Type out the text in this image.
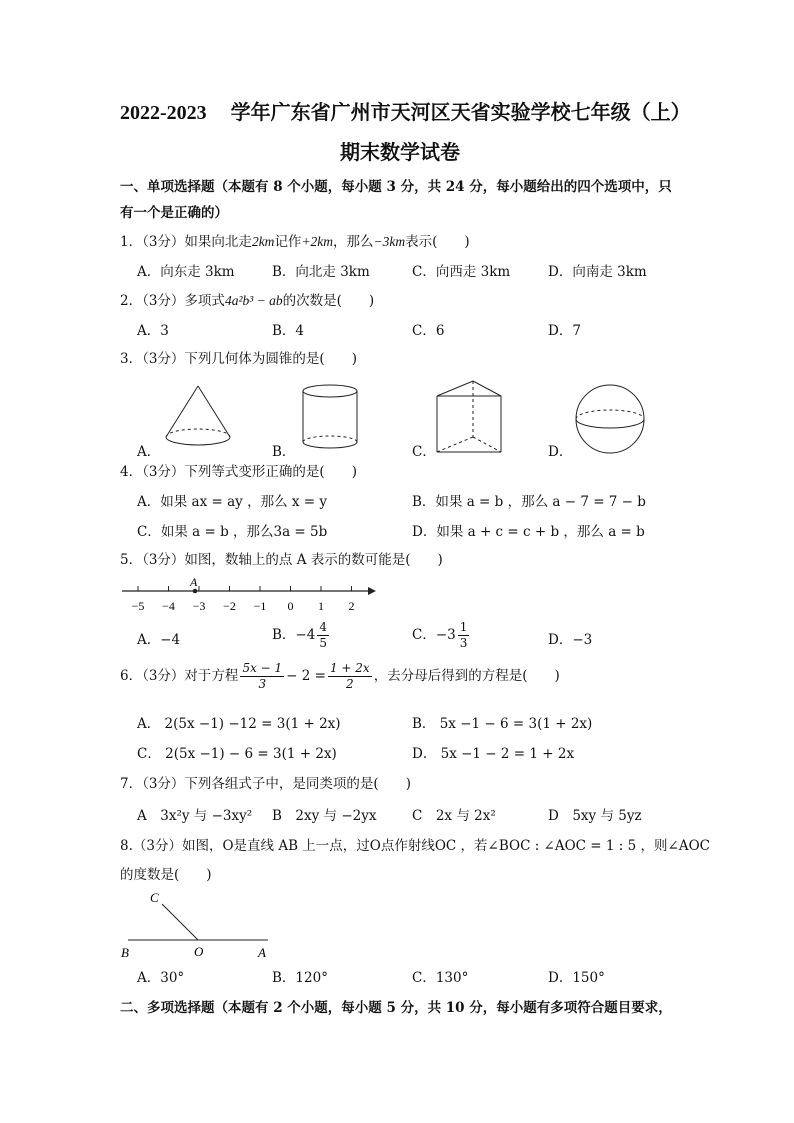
2022-2023 学年广东省广州市天河区天省实验学校七年级（上）
期末数学试卷
一、单项选择题（本题有 8 个小题，每小题 3 分，共 24 分，每小题给出的四个选项中，只
有一个是正确的）
1．（3分）如果向北走2km记作+2km，那么−3km表示(　　)
A．向东走 3km	B．向北走 3km	C．向西走 3km	D．向南走 3km
2．（3分）多项式4a²b³ − ab的次数是(　　)
A．3	B．4	C．6	D．7
3．（3分）下列几何体为圆锥的是(　　)
A．	B．	C．	D．
4．（3分）下列等式变形正确的是(　　)
A．如果 ax = ay ，那么 x = y	B．如果 a = b ，那么 a − 7 = 7 − b
C．如果 a = b ，那么3a = 5b	D．如果 a + c = c + b ，那么 a = b
5．（3分）如图，数轴上的点 A 表示的数可能是(　　)
−5 −4 −3 −2 −1 0 1 2
A
A．−4	B．$-4 \frac{4}{5}$	C．$-3 \frac{1}{3}$	D．−3
6．（3分）对于方程 $\frac{5x - 1}{3} - 2 = \frac{1 + 2x}{2}$ ，去分母后得到的方程是(　　)
A． 2(5x −1) −12 = 3(1 + 2x)	B． 5x −1 − 6 = 3(1 + 2x)
C． 2(5x −1) − 6 = 3(1 + 2x)	D． 5x −1 − 2 = 1 + 2x
7．（3分）下列各组式子中，是同类项的是(　　)
A　3x²y 与 −3xy² B　2xy 与 −2yx	C　2x 与 2x²	D　5xy 与 5yz
8.（3分）如图，O是直线 AB 上一点，过O点作射线OC ，若∠BOC : ∠AOC = 1 : 5 ，则∠AOC
的度数是(　　)
C
B	O	A
A．30°	B．120°	C．130°	D．150°
二、多项选择题（本题有 2 个小题，每小题 5 分，共 10 分，每小题有多项符合题目要求，
